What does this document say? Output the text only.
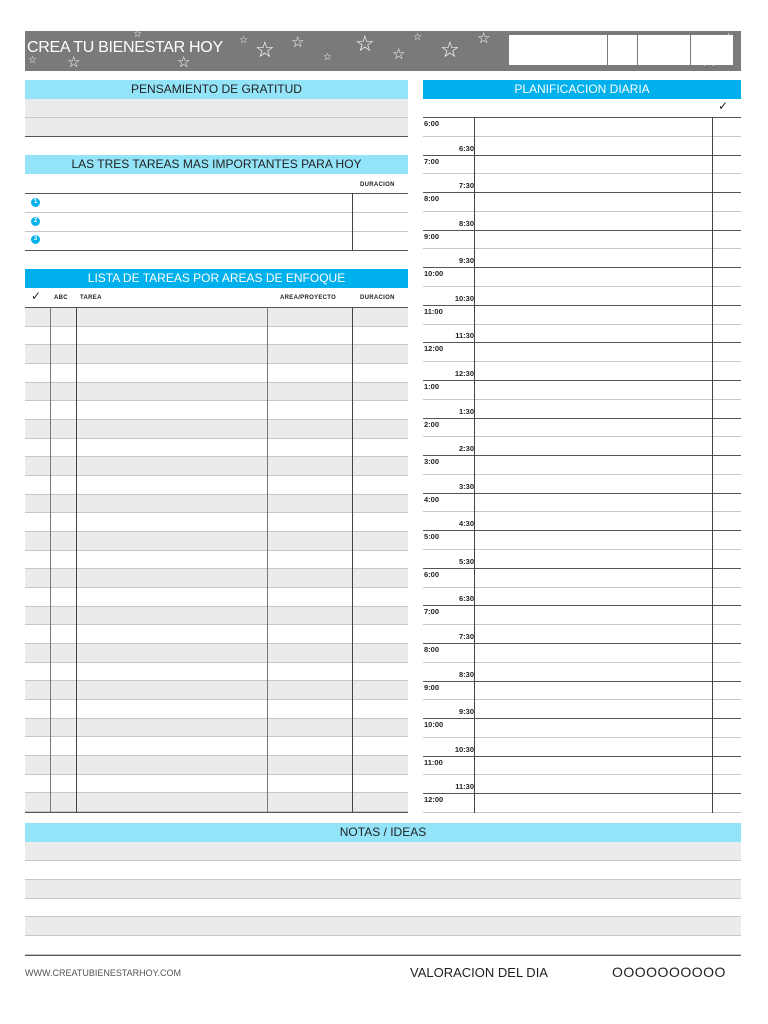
CREA TU BIENESTAR HOY
☆ ☆
☆
☆
☆ ☆ ☆
☆
☆ ☆
☆ ☆ ☆
PENSAMIENTO DE GRATITUD
LAS TRES TAREAS MAS IMPORTANTES PARA HOY
DURACION
1
2
3
LISTA DE TAREAS POR AREAS DE ENFOQUE
✓ ABC TAREA	AREA/PROYECTO	DURACION
PLANIFICACION DIARIA
✓
6:00
6:30
7:00
7:30
8:00
8:30
9:00
9:30
10:00
10:30
11:00
11:30
12:00
12:30
1:00
1:30
2:00
2:30
3:00
3:30
4:00
4:30
5:00
5:30
6:00
6:30
7:00
7:30
8:00
8:30
9:00
9:30
10:00
10:30
11:00
11:30
12:00
NOTAS / IDEAS
WWW.CREATUBIENESTARHOY.COM	VALORACION DEL DIA	OOOOOOOOOO
